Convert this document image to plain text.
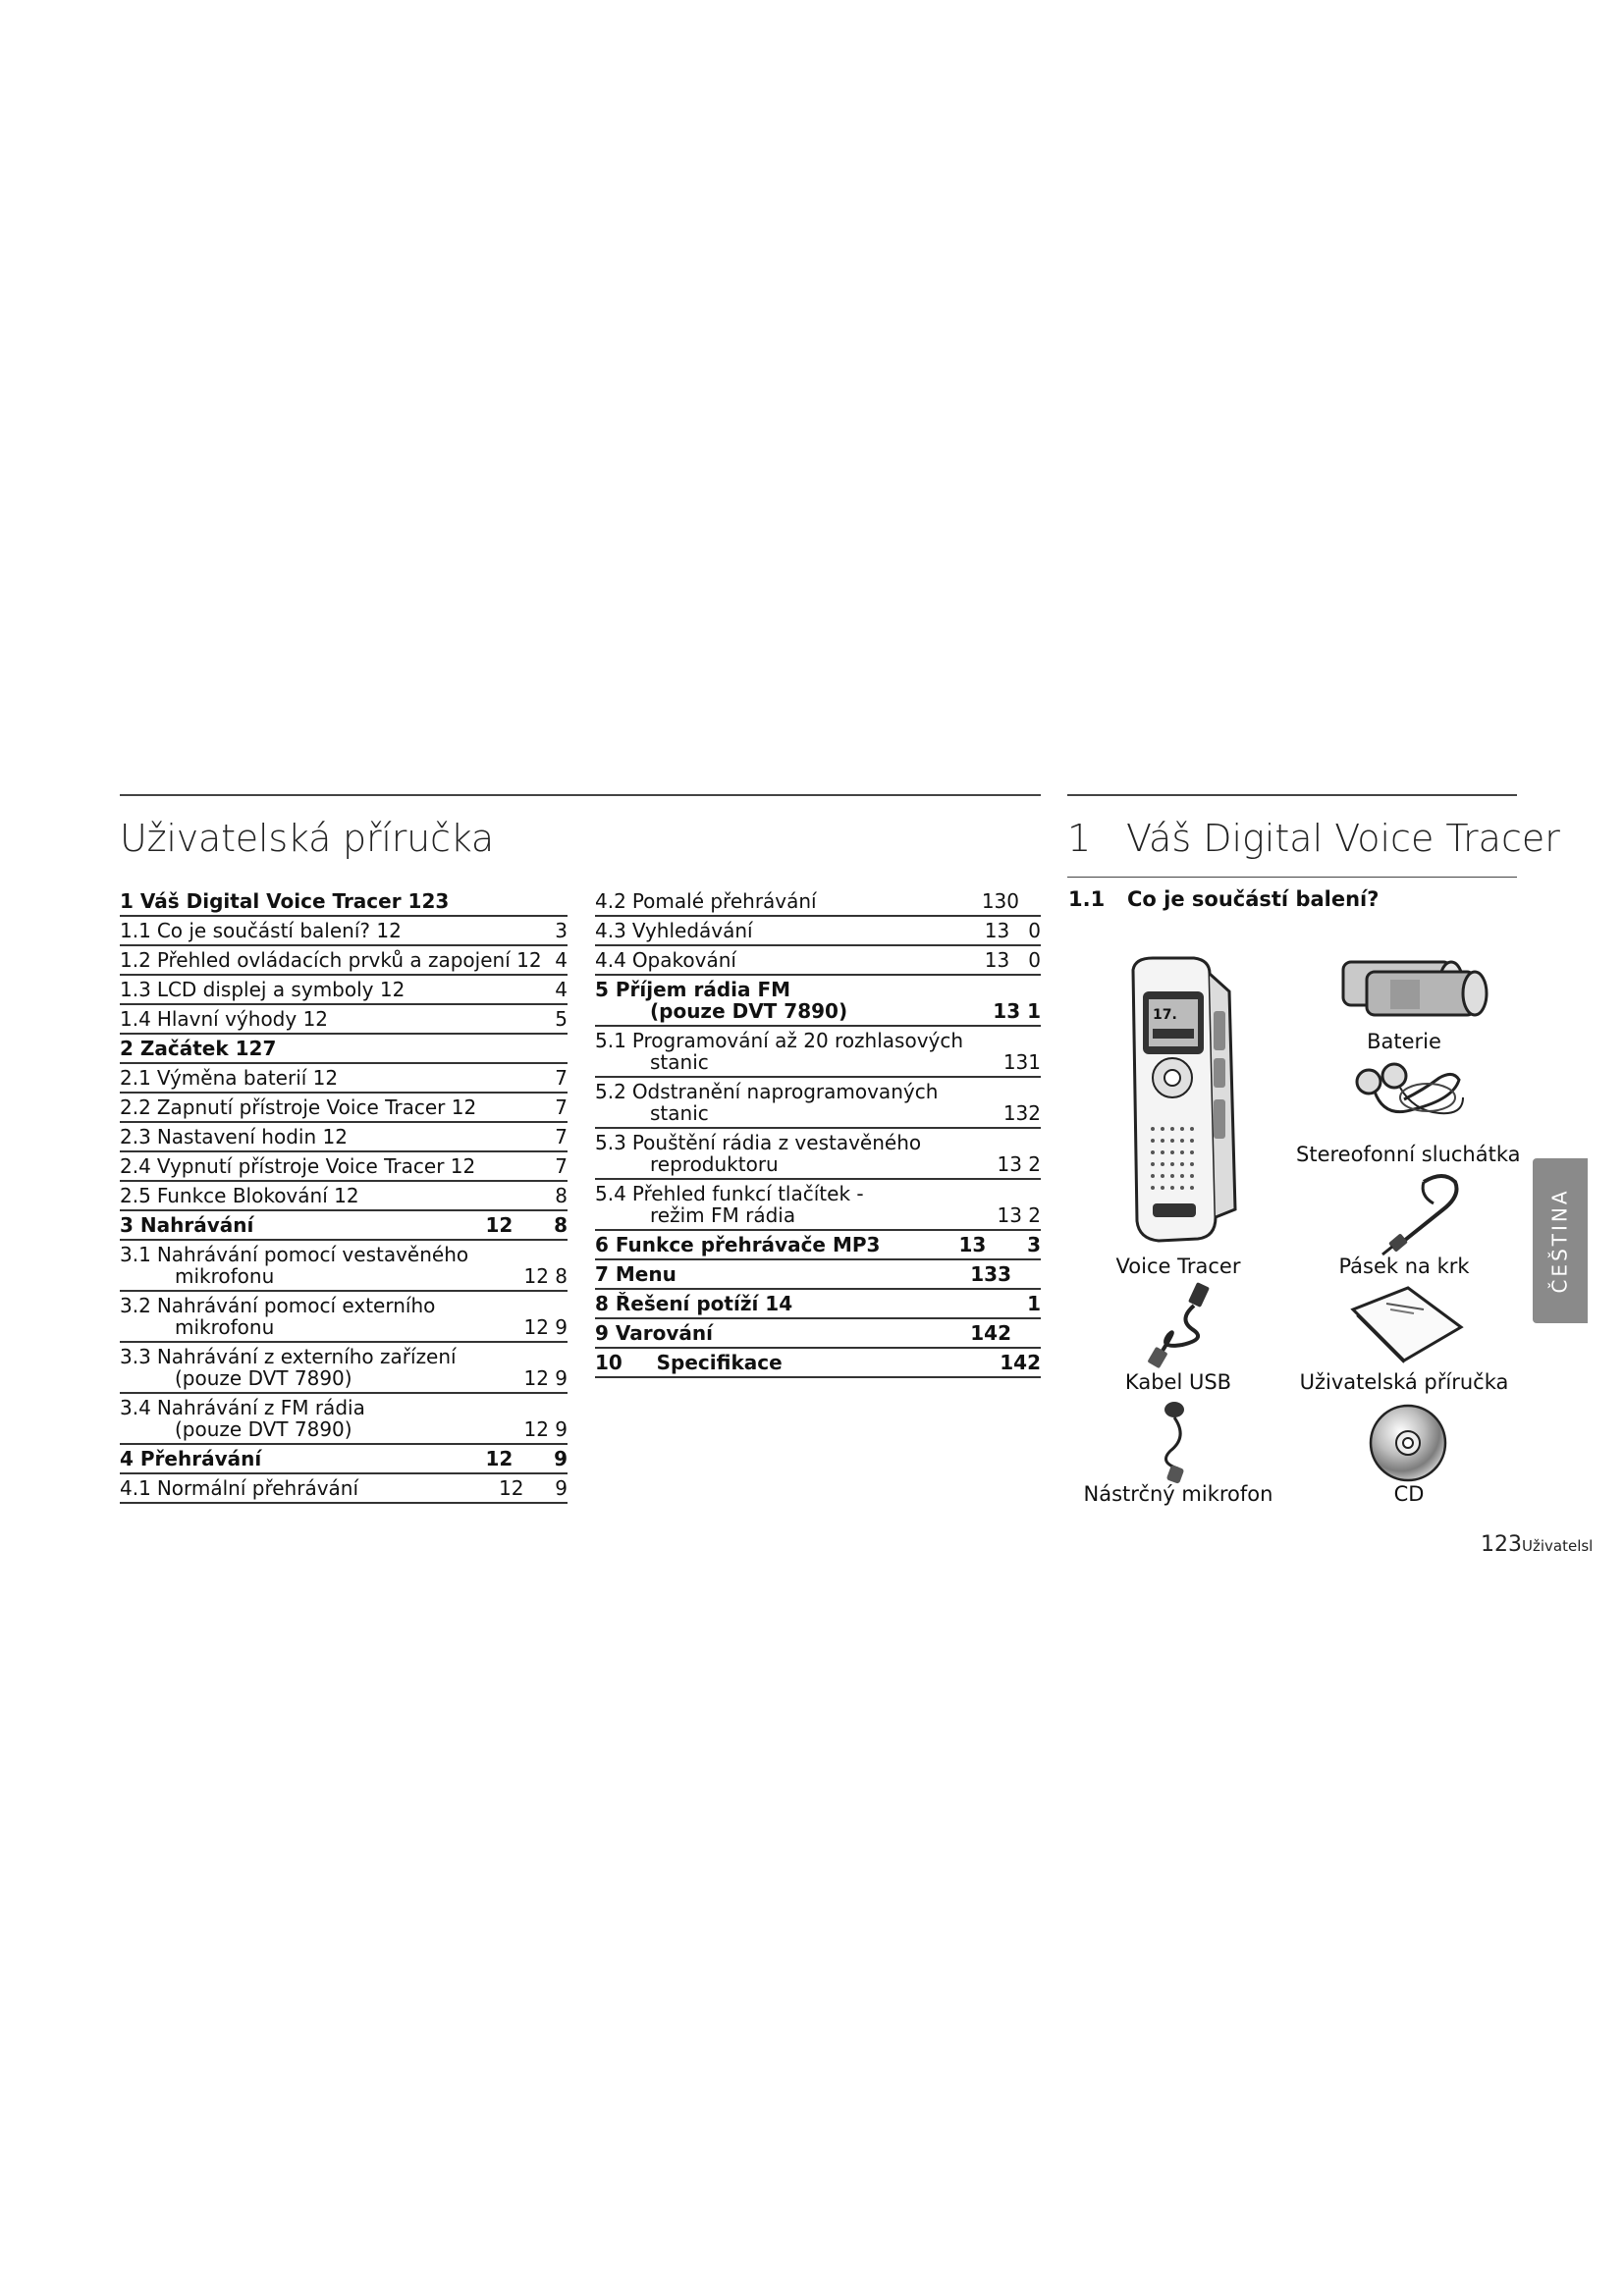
Uživatelská příručka	1 Váš Digital Voice Tracer
1 Váš Digital Voice Tracer 123
1.1 Co je součástí balení? 12	3
1.2 Přehled ovládacích prvků a zapojení 12 4
1.3 LCD displej a symboly 12	4
1.4 Hlavní výhody 12	5
2 Začátek 127
2.1 Výměna baterií 12	7
2.2 Zapnutí přístroje Voice Tracer 12	7
2.3 Nastavení hodin 12	7
2.4 Vypnutí přístroje Voice Tracer 12	7
2.5 Funkce Blokování 12	8
3 Nahrávání	12      8
3.1 Nahrávání pomocí vestavěného
mikrofonu	12 8
3.2 Nahrávání pomocí externího
mikrofonu	12 9
3.3 Nahrávání z externího zařízení
(pouze DVT 7890)	12 9
3.4 Nahrávání z FM rádia
(pouze DVT 7890)	12 9
4 Přehrávání	12      9
4.1 Normální přehrávání	12     9
4.2 Pomalé přehrávání	130
4.3 Vyhledávání	13   0
4.4 Opakování	13   0
5 Příjem rádia FM
(pouze DVT 7890)	13 1
5.1 Programování až 20 rozhlasových
stanic	131
5.2 Odstranění naprogramovaných
stanic	132
5.3 Pouštění rádia z vestavěného
reproduktoru	13 2
5.4 Přehled funkcí tlačítek -
režim FM rádia	13 2
6 Funkce přehrávače MP3	13      3
7 Menu	133
8 Řešení potíží 14	1
9 Varování	142
10     Specifikace	142
1.1 Co je součástí balení?
17.
Voice Tracer
Baterie
Stereofonní sluchátka
Pásek na krk
Kabel USB	Uživatelská příručka
Nástrčný mikrofon	CD
ČEŠTINA
123Uživatelsl
